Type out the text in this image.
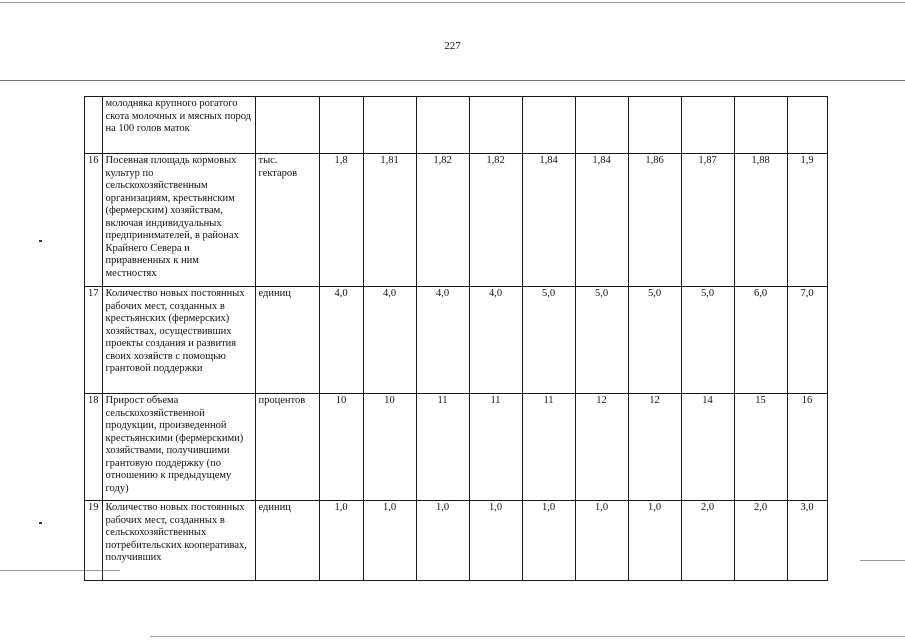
227
	молодняка крупного рогатого скота молочных и мясных пород на 100 голов маток											
16	Посевная площадь кормовых культур по сельскохозяйственным организациям, крестьянским (фермерским) хозяйствам, включая индивидуальных предпринимателей, в районах Крайнего Севера и приравненных к ним местностях	тыс. гектаров	1,8	1,81	1,82	1,82	1,84	1,84	1,86	1,87	1,88	1,9
17	Количество новых постоянных рабочих мест, созданных в крестьянских (фермерских) хозяйствах, осуществивших проекты создания и развития своих хозяйств с помощью грантовой поддержки	единиц	4,0	4,0	4,0	4,0	5,0	5,0	5,0	5,0	6,0	7,0
18	Прирост объема сельскохозяйственной продукции, произведенной крестьянскими (фермерскими) хозяйствами, получившими грантовую поддержку (по отношению к предыдущему году)	процентов	10	10	11	11	11	12	12	14	15	16
19	Количество новых постоянных рабочих мест, созданных в сельскохозяйственных потребительских кооперативах, получивших	единиц	1,0	1,0	1,0	1,0	1,0	1,0	1,0	2,0	2,0	3,0
